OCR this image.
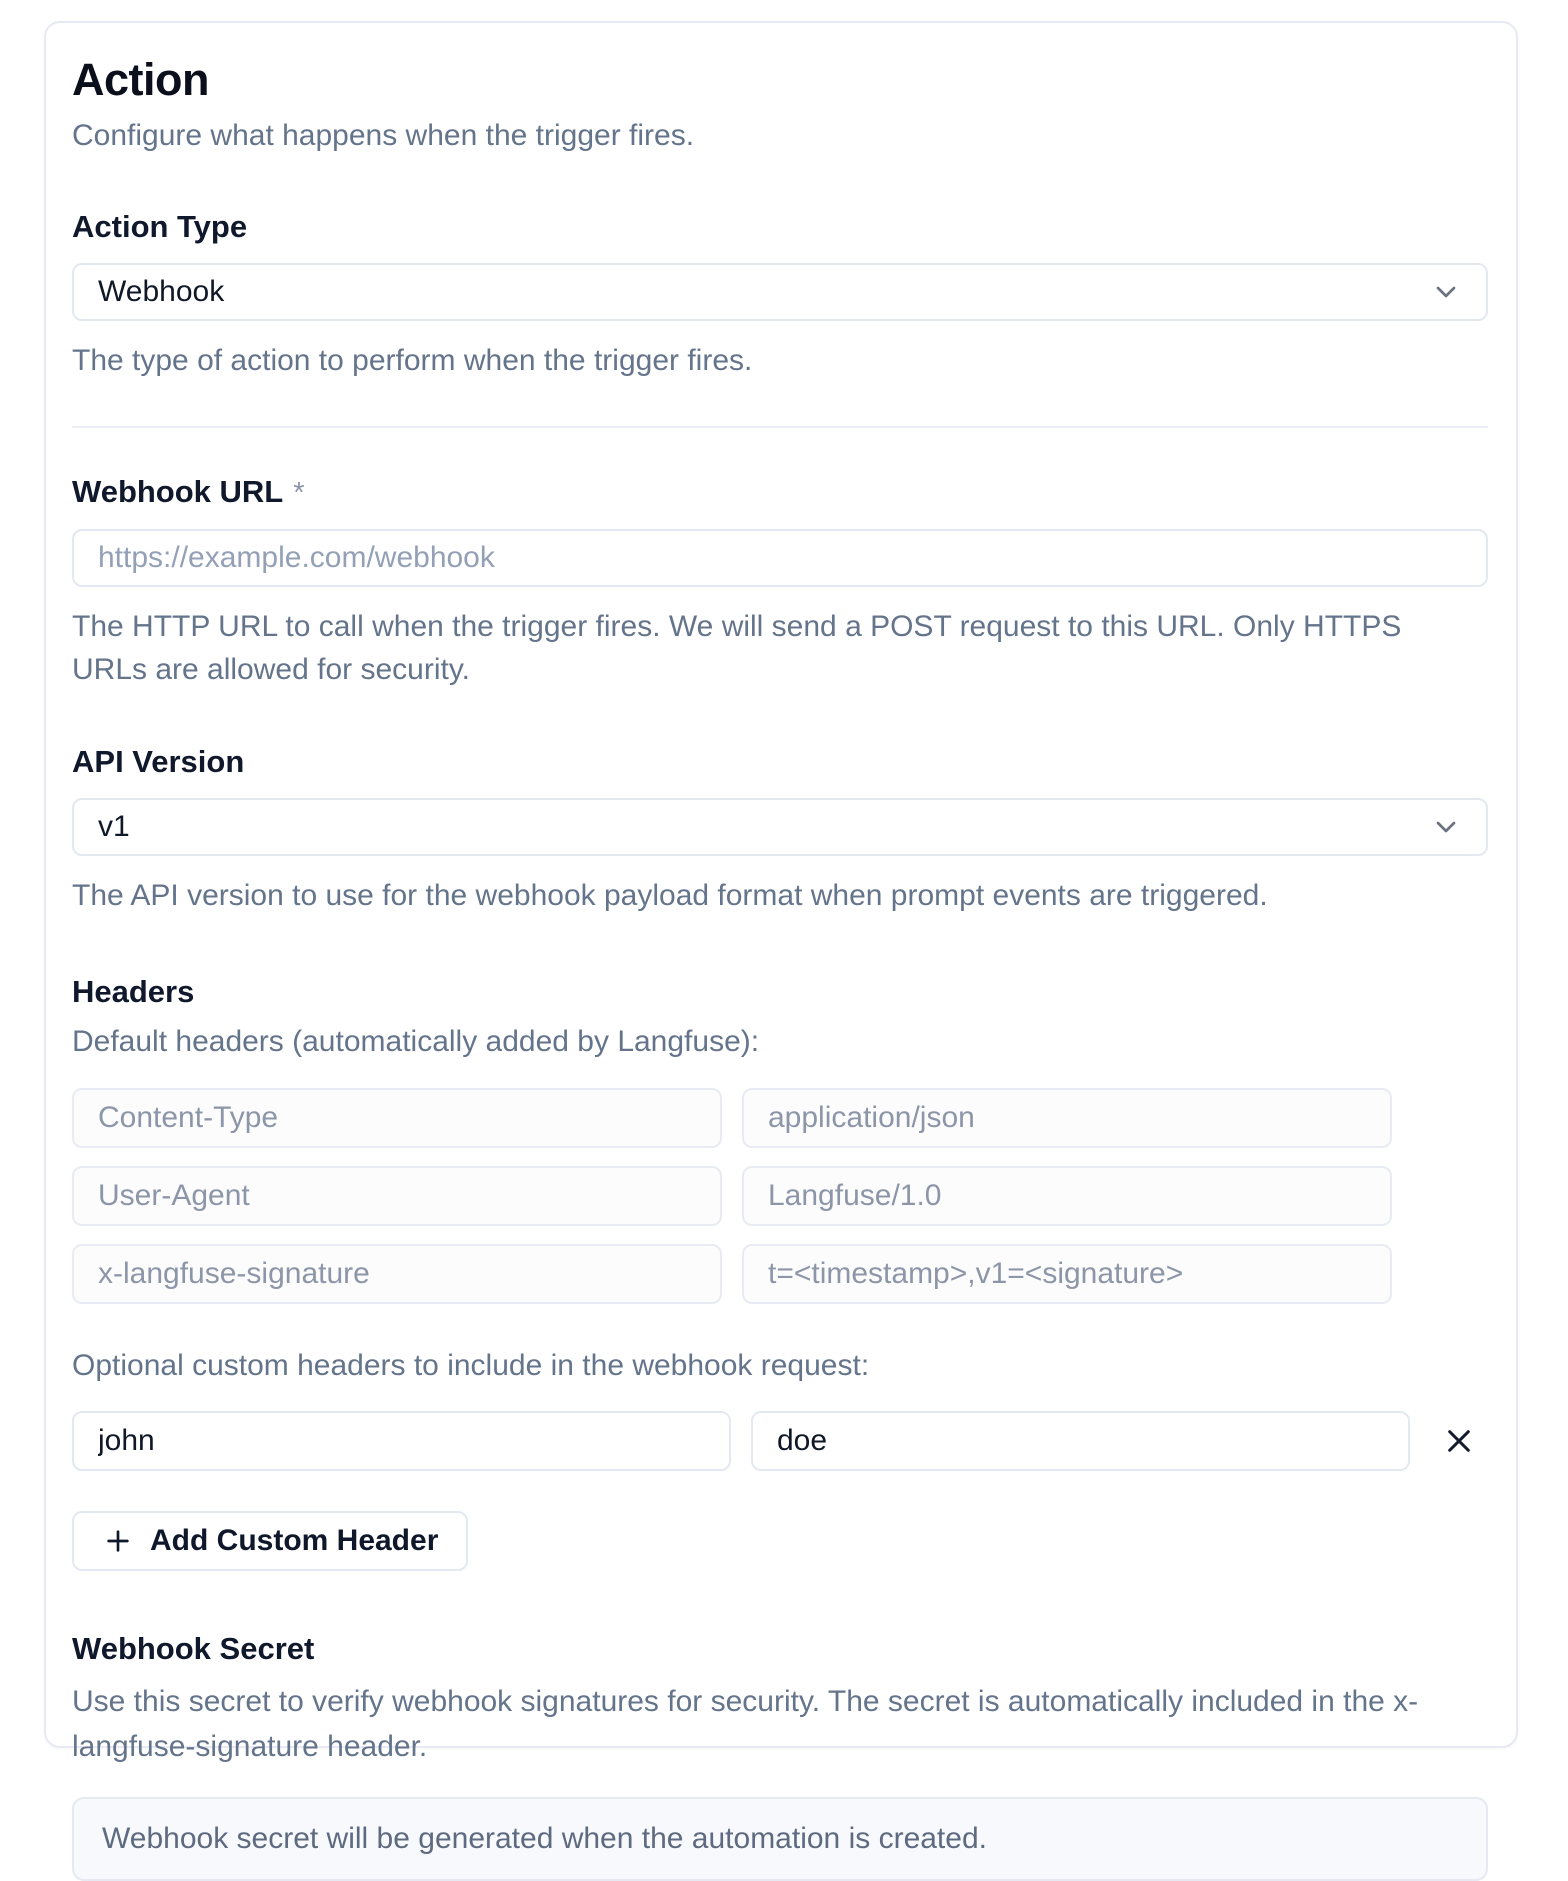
Action

Configure what happens when the trigger fires.

Action Type
Webhook

The type of action to perform when the trigger fires.

Webhook URL *
https://example.com/webhook

The HTTP URL to call when the trigger fires. We will send a POST request to this URL. Only HTTPS URLs are allowed for security.

API Version
v1

The API version to use for the webhook payload format when prompt events are triggered.

Headers

Default headers (automatically added by Langfuse):

Content-Type
application/json
User-Agent
Langfuse/1.0
x-langfuse-signature
t=<timestamp>,v1=<signature>

Optional custom headers to include in the webhook request:

john
doe
Add Custom Header
Webhook Secret

Use this secret to verify webhook signatures for security. The secret is automatically included in the x-langfuse-signature header.

Webhook secret will be generated when the automation is created.
